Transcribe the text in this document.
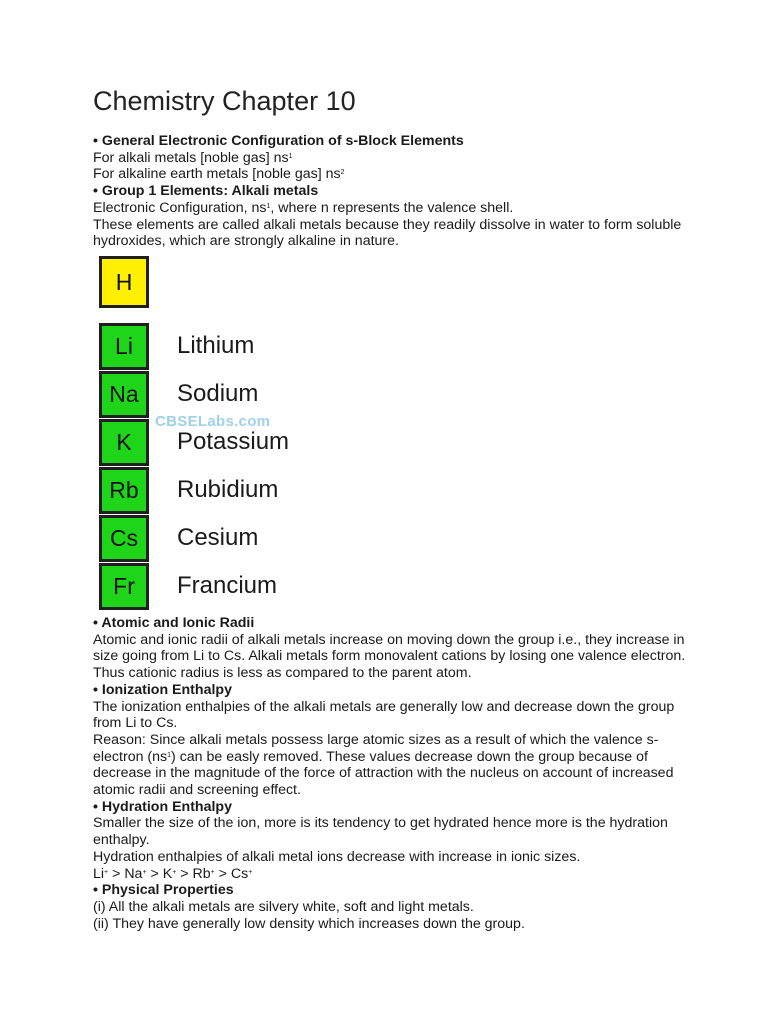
Chemistry Chapter 10

• General Electronic Configuration of s-Block Elements

For alkali metals [noble gas] $ns^1$

For alkaline earth metals [noble gas] $ns^2$

• Group 1 Elements: Alkali metals

Electronic Configuration, $ns^1$, where n represents the valence shell.

These elements are called alkali metals because they readily dissolve in water to form soluble hydroxides, which are strongly alkaline in nature.

H
Li	Lithium
Na	Sodium
K	Potassium
Rb	Rubidium
Cs	Cesium
Fr	Francium
CBSELabs.com

• Atomic and Ionic Radii

Atomic and ionic radii of alkali metals increase on moving down the group i.e., they increase in size going from Li to Cs. Alkali metals form monovalent cations by losing one valence electron. Thus cationic radius is less as compared to the parent atom.

• Ionization Enthalpy

The ionization enthalpies of the alkali metals are generally low and decrease down the group from Li to Cs.

Reason: Since alkali metals possess large atomic sizes as a result of which the valence s-electron $(ns^1)$ can be easly removed. These values decrease down the group because of decrease in the magnitude of the force of attraction with the nucleus on account of increased atomic radii and screening effect.

• Hydration Enthalpy

Smaller the size of the ion, more is its tendency to get hydrated hence more is the hydration enthalpy.

Hydration enthalpies of alkali metal ions decrease with increase in ionic sizes.

Li+ > Na+ > K+ > Rb+ > Cs+

• Physical Properties

(i) All the alkali metals are silvery white, soft and light metals.

(ii) They have generally low density which increases down the group.
